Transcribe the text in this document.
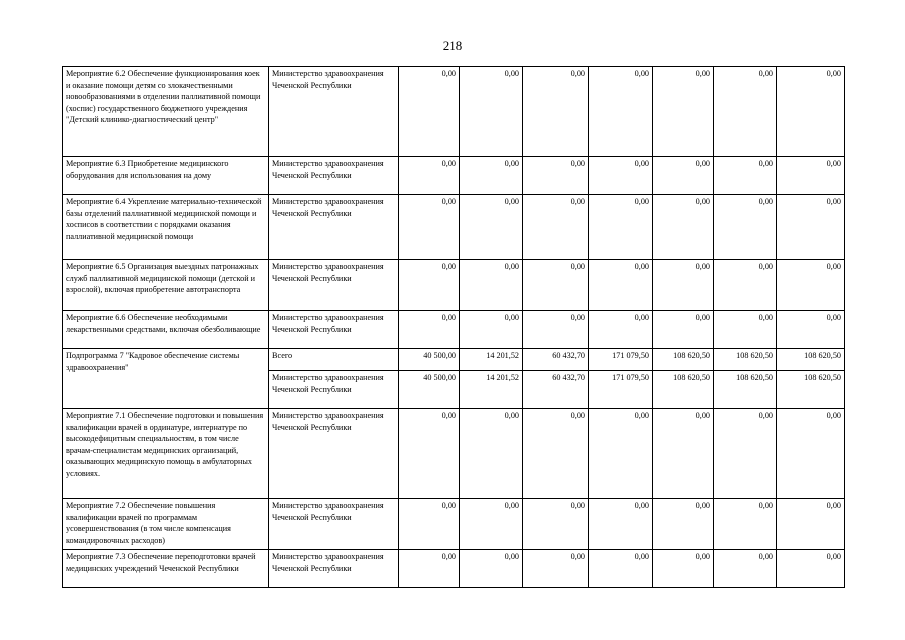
218
Мероприятие 6.2 Обеспечение функционирования коек и оказание помощи детям со злокачественными новообразованиями в отделении паллиативной помощи (хоспис) государственного бюджетного учреждения "Детский клинико-диагностический центр"	Министерство здравоохранения Чеченской Республики	0,00	0,00	0,00	0,00	0,00	0,00	0,00
Мероприятие 6.3 Приобретение медицинского оборудования для использования на дому	Министерство здравоохранения Чеченской Республики	0,00	0,00	0,00	0,00	0,00	0,00	0,00
Мероприятие 6.4 Укрепление материально-технической базы отделений паллиативной медицинской помощи и хосписов в соответствии с порядками оказания паллиативной медицинской помощи	Министерство здравоохранения Чеченской Республики	0,00	0,00	0,00	0,00	0,00	0,00	0,00
Мероприятие 6.5 Организация выездных патронажных служб паллиативной медицинской помощи (детской и взрослой), включая приобретение автотранспорта	Министерство здравоохранения Чеченской Республики	0,00	0,00	0,00	0,00	0,00	0,00	0,00
Мероприятие 6.6 Обеспечение необходимыми лекарственными средствами, включая обезболивающие	Министерство здравоохранения Чеченской Республики	0,00	0,00	0,00	0,00	0,00	0,00	0,00
Подпрограмма 7 "Кадровое обеспечение системы здравоохранения"	Всего	40 500,00	14 201,52	60 432,70	171 079,50	108 620,50	108 620,50	108 620,50
	Министерство здравоохранения Чеченской Республики	40 500,00	14 201,52	60 432,70	171 079,50	108 620,50	108 620,50	108 620,50
Мероприятие 7.1 Обеспечение подготовки и повышения квалификации врачей в ординатуре, интернатуре по высокодефицитным специальностям, в том числе врачам-специалистам медицинских организаций, оказывающих медицинскую помощь в амбулаторных условиях.	Министерство здравоохранения Чеченской Республики	0,00	0,00	0,00	0,00	0,00	0,00	0,00
Мероприятие 7.2 Обеспечение повышения квалификации врачей по программам усовершенствования (в том числе компенсация командировочных расходов)	Министерство здравоохранения Чеченской Республики	0,00	0,00	0,00	0,00	0,00	0,00	0,00
Мероприятие 7.3 Обеспечение переподготовки врачей медицинских учреждений Чеченской Республики	Министерство здравоохранения Чеченской Республики	0,00	0,00	0,00	0,00	0,00	0,00	0,00
